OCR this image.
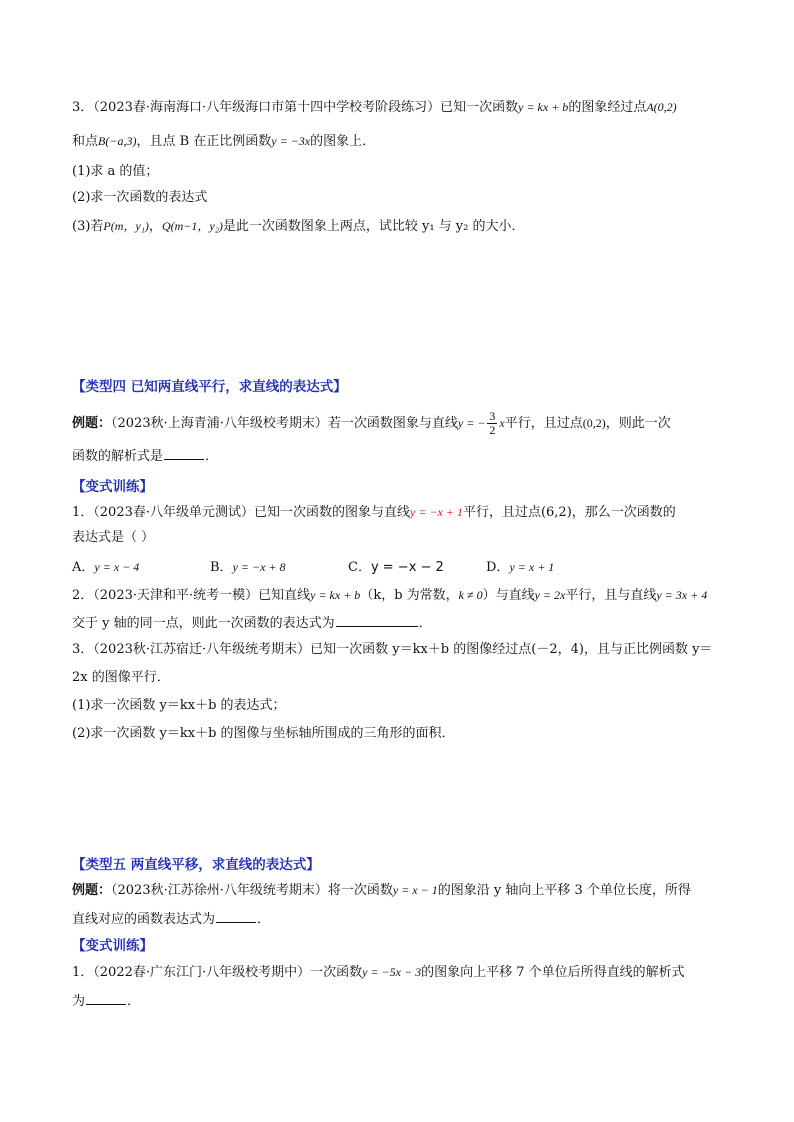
3．（2023春·海南海口·八年级海口市第十四中学校考阶段练习）已知一次函数y = kx + b的图象经过点A(0,2)
和点B(−a,3)，且点 B 在正比例函数y = −3x的图象上．
(1)求 a 的值；
(2)求一次函数的表达式
(3)若P(m，y₁)，Q(m−1，y₂)是此一次函数图象上两点，试比较 y₁ 与 y₂ 的大小．
【类型四 已知两直线平行，求直线的表达式】
例题：（2023秋·上海青浦·八年级校考期末）若一次函数图象与直线y = − $\frac{3}{2}$ x平行，且过点(0,2)，则此一次
函数的解析式是	．
【变式训练】
1．（2023春·八年级单元测试）已知一次函数的图象与直线y = −x + 1平行，且过点(6,2)，那么一次函数的
表达式是（ ）
A．y = x − 4	B．y = −x + 8	C．y = −x − 2	D．y = x + 1
2．（2023·天津和平·统考一模）已知直线y = kx + b（k，b 为常数，k ≠ 0）与直线y = 2x平行，且与直线y = 3x + 4
交于 y 轴的同一点，则此一次函数的表达式为	．
3．（2023秋·江苏宿迁·八年级统考期末）已知一次函数 y＝kx＋b 的图像经过点(－2，4)，且与正比例函数 y＝
2x 的图像平行．
(1)求一次函数 y＝kx＋b 的表达式；
(2)求一次函数 y＝kx＋b 的图像与坐标轴所围成的三角形的面积．
【类型五 两直线平移，求直线的表达式】
例题：（2023秋·江苏徐州·八年级统考期末）将一次函数y = x − 1的图象沿 y 轴向上平移 3 个单位长度，所得
直线对应的函数表达式为	．
【变式训练】
1．（2022春·广东江门·八年级校考期中）一次函数y = −5x − 3的图象向上平移 7 个单位后所得直线的解析式
为	．
